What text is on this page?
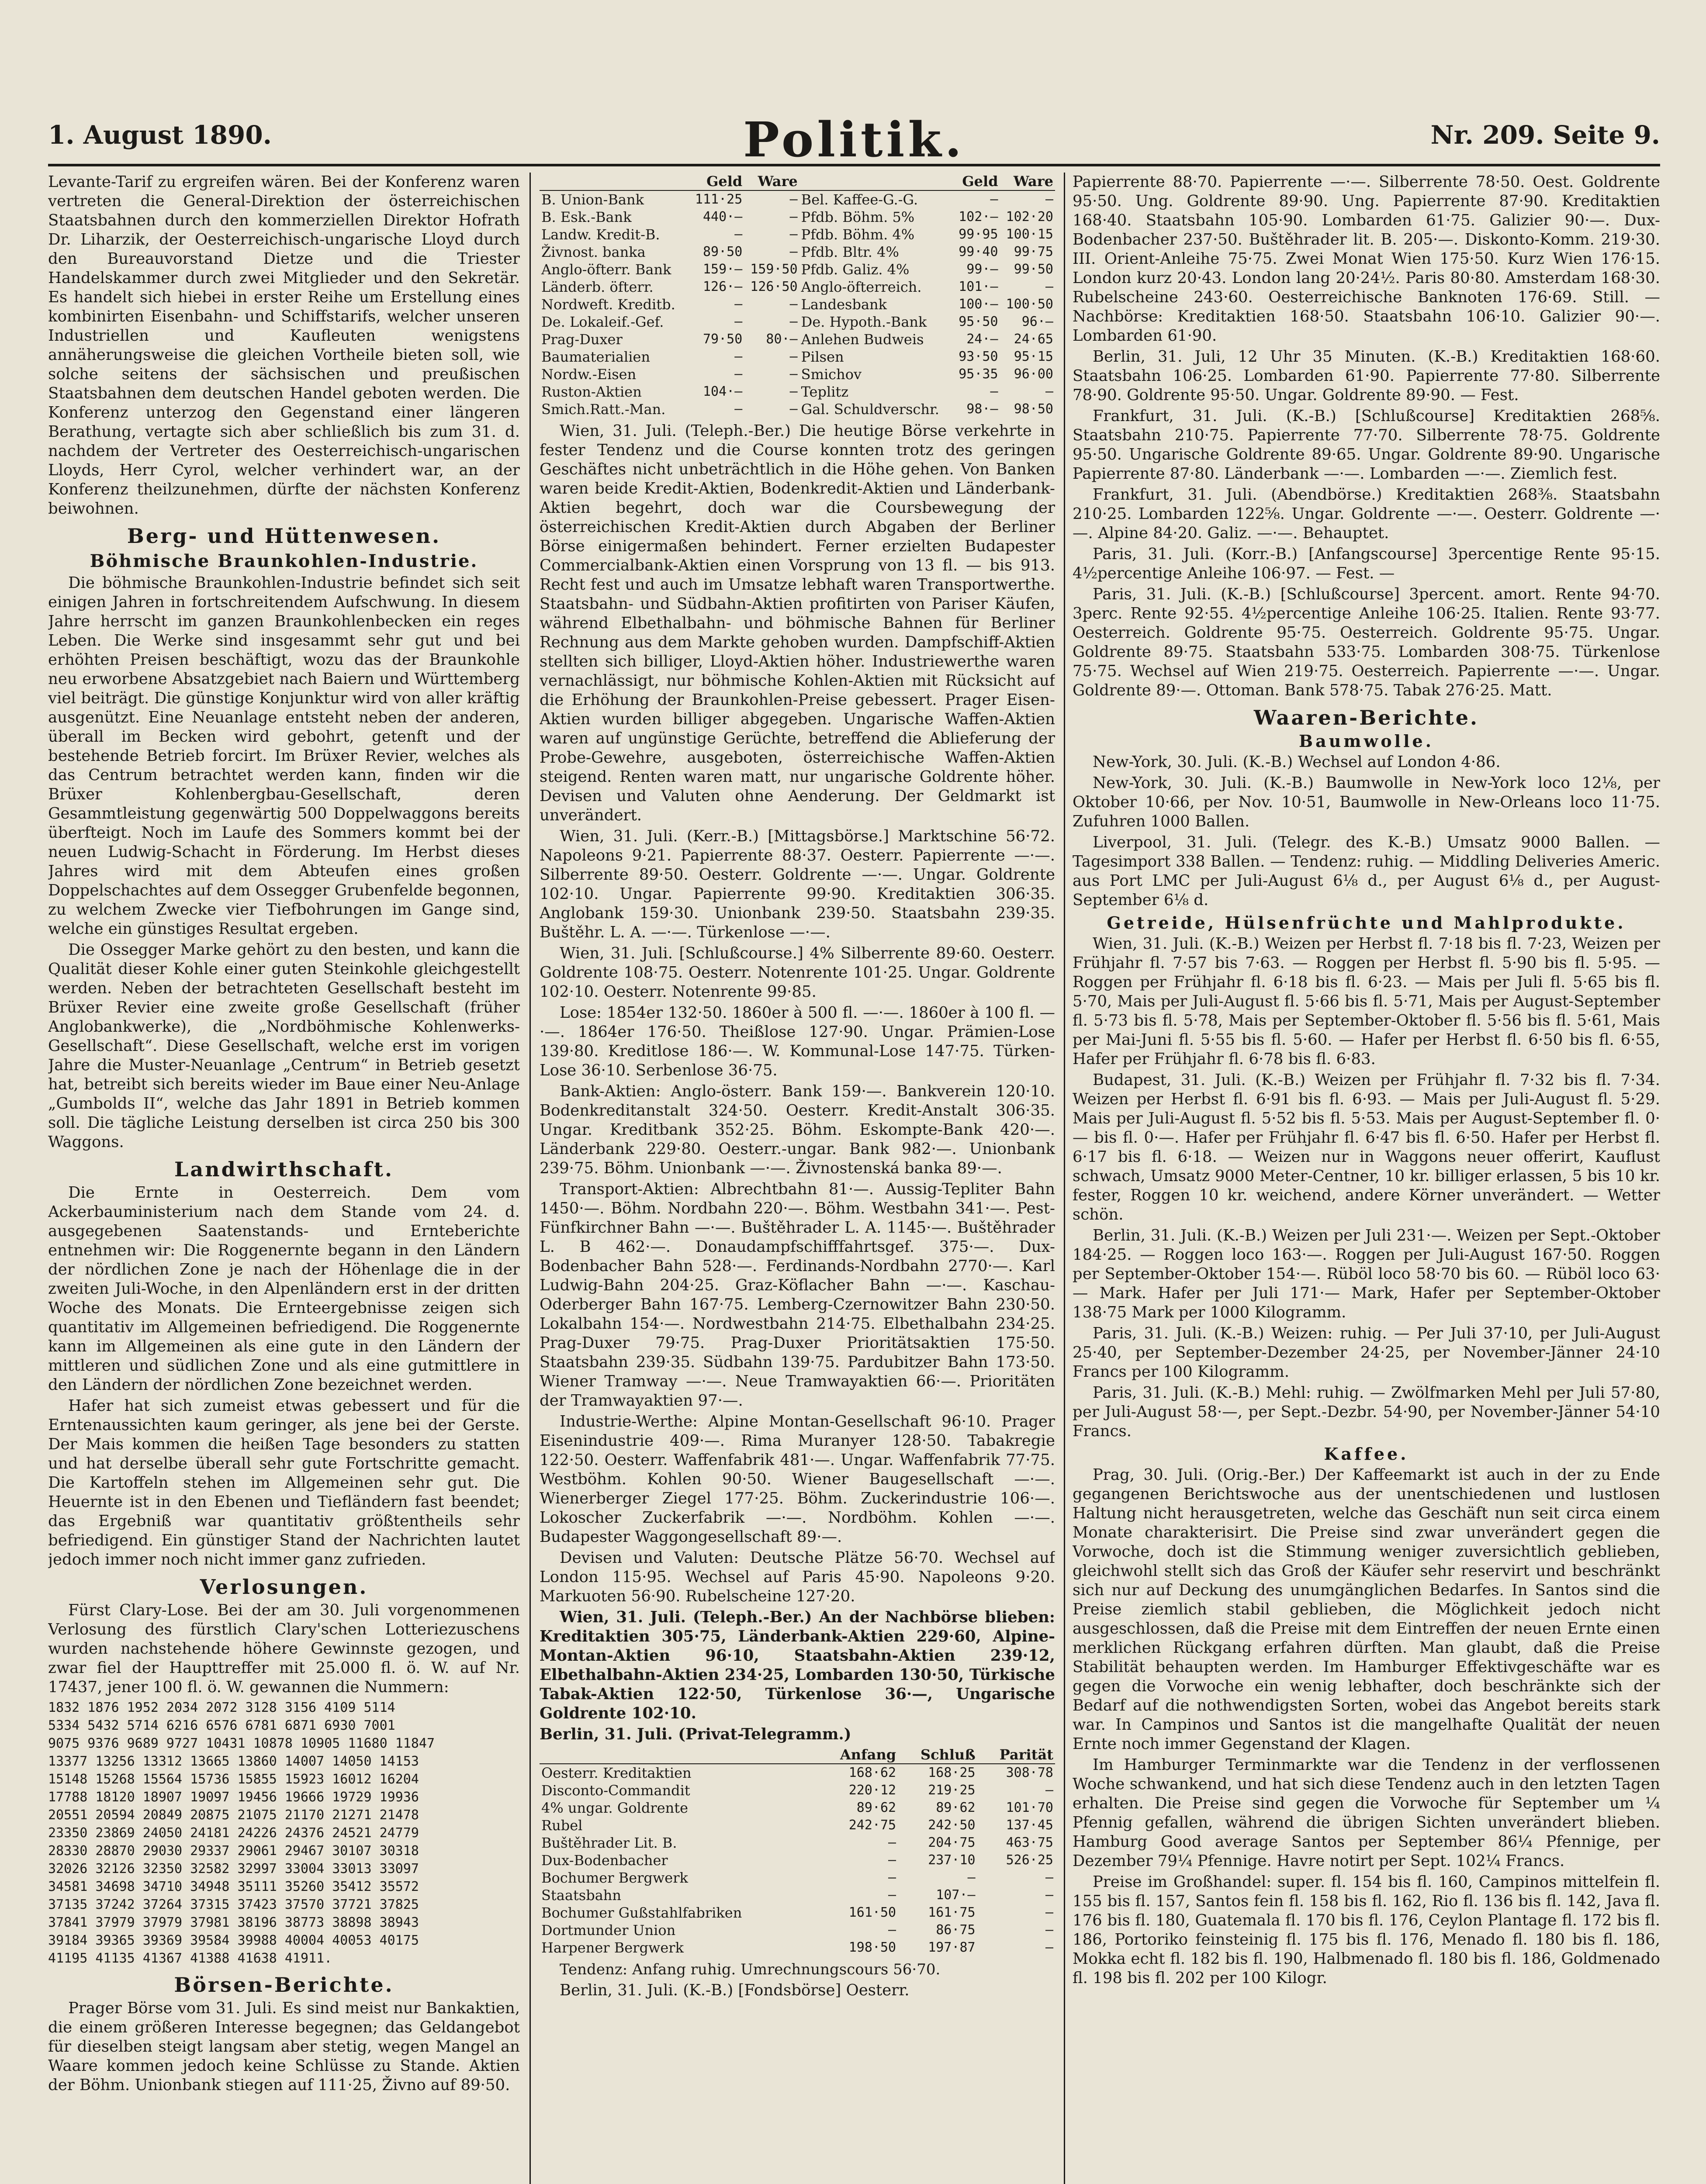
1. August 1890.	Politik.	Nr. 209. Seite 9.

Levante-Tarif zu ergreifen wären. Bei der Konferenz waren vertreten die General-Direktion der österreichischen Staatsbahnen durch den kommerziellen Direktor Hofrath Dr. Liharzik, der Oesterreichisch-ungarische Lloyd durch den Bureauvorstand Dietze und die Triester Handelskammer durch zwei Mitglieder und den Sekretär. Es handelt sich hiebei in erster Reihe um Erstellung eines kombinirten Eisenbahn- und Schiffstarifs, welcher unseren Industriellen und Kaufleuten wenigstens annäherungsweise die gleichen Vortheile bieten soll, wie solche seitens der sächsischen und preußischen Staatsbahnen dem deutschen Handel geboten werden. Die Konferenz unterzog den Gegenstand einer längeren Berathung, vertagte sich aber schließlich bis zum 31. d. nachdem der Vertreter des Oesterreichisch-ungarischen Lloyds, Herr Cyrol, welcher verhindert war, an der Konferenz theilzunehmen, dürfte der nächsten Konferenz beiwohnen.

Berg- und Hüttenwesen.
Böhmische Braunkohlen-Industrie.

Die böhmische Braunkohlen-Industrie befindet sich seit einigen Jahren in fortschreitendem Aufschwung. In diesem Jahre herrscht im ganzen Braunkohlenbecken ein reges Leben. Die Werke sind insgesammt sehr gut und bei erhöhten Preisen beschäftigt, wozu das der Braunkohle neu erworbene Absatzgebiet nach Baiern und Württemberg viel beiträgt. Die günstige Konjunktur wird von aller kräftig ausgenützt. Eine Neuanlage entsteht neben der anderen, überall im Becken wird gebohrt, getenft und der bestehende Betrieb forcirt. Im Brüxer Revier, welches als das Centrum betrachtet werden kann, finden wir die Brüxer Kohlenbergbau-Gesellschaft, deren Gesammtleistung gegenwärtig 500 Doppelwaggons bereits überfteigt. Noch im Laufe des Sommers kommt bei der neuen Ludwig-Schacht in Förderung. Im Herbst dieses Jahres wird mit dem Abteufen eines großen Doppelschachtes auf dem Ossegger Grubenfelde begonnen, zu welchem Zwecke vier Tiefbohrungen im Gange sind, welche ein günstiges Resultat ergeben.

Die Ossegger Marke gehört zu den besten, und kann die Qualität dieser Kohle einer guten Steinkohle gleichgestellt werden. Neben der betrachteten Gesellschaft besteht im Brüxer Revier eine zweite große Gesellschaft (früher Anglobankwerke), die „Nordböhmische Kohlenwerks-Gesellschaft“. Diese Gesellschaft, welche erst im vorigen Jahre die Muster-Neuanlage „Centrum“ in Betrieb gesetzt hat, betreibt sich bereits wieder im Baue einer Neu-Anlage „Gumbolds II“, welche das Jahr 1891 in Betrieb kommen soll. Die tägliche Leistung derselben ist circa 250 bis 300 Waggons.

Landwirthschaft.

Die Ernte in Oesterreich. Dem vom Ackerbauministerium nach dem Stande vom 24. d. ausgegebenen Saatenstands- und Ernteberichte entnehmen wir: Die Roggenernte begann in den Ländern der nördlichen Zone je nach der Höhenlage die in der zweiten Juli-Woche, in den Alpenländern erst in der dritten Woche des Monats. Die Ernteergebnisse zeigen sich quantitativ im Allgemeinen befriedigend. Die Roggenernte kann im Allgemeinen als eine gute in den Ländern der mittleren und südlichen Zone und als eine gutmittlere in den Ländern der nördlichen Zone bezeichnet werden.

Hafer hat sich zumeist etwas gebessert und für die Erntenaussichten kaum geringer, als jene bei der Gerste. Der Mais kommen die heißen Tage besonders zu statten und hat derselbe überall sehr gute Fortschritte gemacht. Die Kartoffeln stehen im Allgemeinen sehr gut. Die Heuernte ist in den Ebenen und Tiefländern fast beendet; das Ergebniß war quantitativ größtentheils sehr befriedigend. Ein günstiger Stand der Nachrichten lautet jedoch immer noch nicht immer ganz zufrieden.

Verlosungen.

Fürst Clary-Lose. Bei der am 30. Juli vorgenommenen Verlosung des fürstlich Clary'schen Lotteriezuschens wurden nachstehende höhere Gewinnste gezogen, und zwar fiel der Haupttreffer mit 25.000 fl. ö. W. auf Nr. 17437, jener 100 fl. ö. W. gewannen die Nummern:

1832 1876 1952 2034 2072 3128 3156 4109 5114
5334 5432 5714 6216 6576 6781 6871 6930 7001
9075 9376 9689 9727 10431 10878 10905 11680 11847
13377 13256 13312 13665 13860 14007 14050 14153
15148 15268 15564 15736 15855 15923 16012 16204
17788 18120 18907 19097 19456 19666 19729 19936
20551 20594 20849 20875 21075 21170 21271 21478
23350 23869 24050 24181 24226 24376 24521 24779
28330 28870 29030 29337 29061 29467 30107 30318
32026 32126 32350 32582 32997 33004 33013 33097
34581 34698 34710 34948 35111 35260 35412 35572
37135 37242 37264 37315 37423 37570 37721 37825
37841 37979 37979 37981 38196 38773 38898 38943
39184 39365 39369 39584 39988 40004 40053 40175
41195 41135 41367 41388 41638 41911.
Börsen-Berichte.

Prager Börse vom 31. Juli. Es sind meist nur Bankaktien, die einem größeren Interesse begegnen; das Geldangebot für dieselben steigt langsam aber stetig, wegen Mangel an Waare kommen jedoch keine Schlüsse zu Stande. Aktien der Böhm. Unionbank stiegen auf 111·25, Živno auf 89·50.

	Geld	Ware		Geld	Ware
B. Union-Bank	111·25	—	Bel. Kaffee-G.-G.	—	—
B. Esk.-Bank	440·—	—	Pfdb. Böhm. 5%	102·—	102·20
Landw. Kredit-B.	—	—	Pfdb. Böhm. 4%	99·95	100·15
Živnost. banka	89·50	—	Pfdb. Bltr. 4%	99·40	99·75
Anglo-öfterr. Bank	159·—	159·50	Pfdb. Galiz. 4%	99·—	99·50
Länderb. öfterr.	126·—	126·50	Anglo-öfterreich.	101·—	—
Nordweft. Kreditb.	—	—	Landesbank	100·—	100·50
De. Lokaleif.-Gef.	—	—	De. Hypoth.-Bank	95·50	96·—
Prag-Duxer	79·50	80·—	Anlehen Budweis	24·—	24·65
Baumaterialien	—	—	Pilsen	93·50	95·15
Nordw.-Eisen	—	—	Smichov	95·35	96·00
Ruston-Aktien	104·—	—	Teplitz	—	—
Smich.Ratt.-Man.	—	—	Gal. Schuldverschr.	98·—	98·50

Wien, 31. Juli. (Teleph.-Ber.) Die heutige Börse verkehrte in fester Tendenz und die Course konnten trotz des geringen Geschäftes nicht unbeträchtlich in die Höhe gehen. Von Banken waren beide Kredit-Aktien, Bodenkredit-Aktien und Länderbank-Aktien begehrt, doch war die Coursbewegung der österreichischen Kredit-Aktien durch Abgaben der Berliner Börse einigermaßen behindert. Ferner erzielten Budapester Commercialbank-Aktien einen Vorsprung von 13 fl. — bis 913. Recht fest und auch im Umsatze lebhaft waren Transportwerthe. Staatsbahn- und Südbahn-Aktien profitirten von Pariser Käufen, während Elbethalbahn- und böhmische Bahnen für Berliner Rechnung aus dem Markte gehoben wurden. Dampfschiff-Aktien stellten sich billiger, Lloyd-Aktien höher. Industriewerthe waren vernachlässigt, nur böhmische Kohlen-Aktien mit Rücksicht auf die Erhöhung der Braunkohlen-Preise gebessert. Prager Eisen-Aktien wurden billiger abgegeben. Ungarische Waffen-Aktien waren auf ungünstige Gerüchte, betreffend die Ablieferung der Probe-Gewehre, ausgeboten, österreichische Waffen-Aktien steigend. Renten waren matt, nur ungarische Goldrente höher. Devisen und Valuten ohne Aenderung. Der Geldmarkt ist unverändert.

Wien, 31. Juli. (Kerr.-B.) [Mittagsbörse.] Marktschine 56·72. Napoleons 9·21. Papierrente 88·37. Oesterr. Papierrente —·—. Silberrente 89·50. Oesterr. Goldrente —·—. Ungar. Goldrente 102·10. Ungar. Papierrente 99·90. Kreditaktien 306·35. Anglobank 159·30. Unionbank 239·50. Staatsbahn 239·35. Buštěhr. L. A. —·—. Türkenlose —·—.

Wien, 31. Juli. [Schlußcourse.] 4% Silberrente 89·60. Oesterr. Goldrente 108·75. Oesterr. Notenrente 101·25. Ungar. Goldrente 102·10. Oesterr. Notenrente 99·85.

Lose: 1854er 132·50. 1860er à 500 fl. —·—. 1860er à 100 fl. —·—. 1864er 176·50. Theißlose 127·90. Ungar. Prämien-Lose 139·80. Kreditlose 186·—. W. Kommunal-Lose 147·75. Türken-Lose 36·10. Serbenlose 36·75.

Bank-Aktien: Anglo-österr. Bank 159·—. Bankverein 120·10. Bodenkreditanstalt 324·50. Oesterr. Kredit-Anstalt 306·35. Ungar. Kreditbank 352·25. Böhm. Eskompte-Bank 420·—. Länderbank 229·80. Oesterr.-ungar. Bank 982·—. Unionbank 239·75. Böhm. Unionbank —·—. Živnostenská banka 89·—.

Transport-Aktien: Albrechtbahn 81·—. Aussig-Tepliter Bahn 1450·—. Böhm. Nordbahn 220·—. Böhm. Westbahn 341·—. Pest-Fünfkirchner Bahn —·—. Buštěhrader L. A. 1145·—. Buštěhrader L. B 462·—. Donaudampfschifffahrtsgef. 375·—. Dux-Bodenbacher Bahn 528·—. Ferdinands-Nordbahn 2770·—. Karl Ludwig-Bahn 204·25. Graz-Köflacher Bahn —·—. Kaschau-Oderberger Bahn 167·75. Lemberg-Czernowitzer Bahn 230·50. Lokalbahn 154·—. Nordwestbahn 214·75. Elbethalbahn 234·25. Prag-Duxer 79·75. Prag-Duxer Prioritätsaktien 175·50. Staatsbahn 239·35. Südbahn 139·75. Pardubitzer Bahn 173·50. Wiener Tramway —·—. Neue Tramwayaktien 66·—. Prioritäten der Tramwayaktien 97·—.

Industrie-Werthe: Alpine Montan-Gesellschaft 96·10. Prager Eisenindustrie 409·—. Rima Muranyer 128·50. Tabakregie 122·50. Oesterr. Waffenfabrik 481·—. Ungar. Waffenfabrik 77·75. Westböhm. Kohlen 90·50. Wiener Baugesellschaft —·—. Wienerberger Ziegel 177·25. Böhm. Zuckerindustrie 106·—. Lokoscher Zuckerfabrik —·—. Nordböhm. Kohlen —·—. Budapester Waggongesellschaft 89·—.

Devisen und Valuten: Deutsche Plätze 56·70. Wechsel auf London 115·95. Wechsel auf Paris 45·90. Napoleons 9·20. Markuoten 56·90. Rubelscheine 127·20.

Wien, 31. Juli. (Teleph.-Ber.) An der Nachbörse blieben: Kreditaktien 305·75, Länderbank-Aktien 229·60, Alpine-Montan-Aktien 96·10, Staatsbahn-Aktien 239·12, Elbethalbahn-Aktien 234·25, Lombarden 130·50, Türkische Tabak-Aktien 122·50, Türkenlose 36·—, Ungarische Goldrente 102·10.

Berlin, 31. Juli. (Privat-Telegramm.)

	Anfang	Schluß	Parität
Oesterr. Kreditaktien	168·62	168·25	308·78
Disconto-Commandit	220·12	219·25	—
4% ungar. Goldrente	89·62	89·62	101·70
Rubel	242·75	242·50	137·45
Buštěhrader Lit. B.	—	204·75	463·75
Dux-Bodenbacher	—	237·10	526·25
Bochumer Bergwerk	—	—	—
Staatsbahn	—	107·—	—
Bochumer Gußstahlfabriken	161·50	161·75	—
Dortmunder Union	—	86·75	—
Harpener Bergwerk	198·50	197·87	—

Tendenz: Anfang ruhig. Umrechnungscours 56·70.

Berlin, 31. Juli. (K.-B.) [Fondsbörse] Oesterr.

Papierrente 88·70. Papierrente —·—. Silberrente 78·50. Oest. Goldrente 95·50. Ung. Goldrente 89·90. Ung. Papierrente 87·90. Kreditaktien 168·40. Staatsbahn 105·90. Lombarden 61·75. Galizier 90·—. Dux-Bodenbacher 237·50. Buštěhrader lit. B. 205·—. Diskonto-Komm. 219·30. III. Orient-Anleihe 75·75. Zwei Monat Wien 175·50. Kurz Wien 176·15. London kurz 20·43. London lang 20·24½. Paris 80·80. Amsterdam 168·30. Rubelscheine 243·60. Oesterreichische Banknoten 176·69. Still. — Nachbörse: Kreditaktien 168·50. Staatsbahn 106·10. Galizier 90·—. Lombarden 61·90.

Berlin, 31. Juli, 12 Uhr 35 Minuten. (K.-B.) Kreditaktien 168·60. Staatsbahn 106·25. Lombarden 61·90. Papierrente 77·80. Silberrente 78·90. Goldrente 95·50. Ungar. Goldrente 89·90. — Fest.

Frankfurt, 31. Juli. (K.-B.) [Schlußcourse] Kreditaktien 268⅝. Staatsbahn 210·75. Papierrente 77·70. Silberrente 78·75. Goldrente 95·50. Ungarische Goldrente 89·65. Ungar. Goldrente 89·90. Ungarische Papierrente 87·80. Länderbank —·—. Lombarden —·—. Ziemlich fest.

Frankfurt, 31. Juli. (Abendbörse.) Kreditaktien 268⅜. Staatsbahn 210·25. Lombarden 122⅝. Ungar. Goldrente —·—. Oesterr. Goldrente —·—. Alpine 84·20. Galiz. —·—. Behauptet.

Paris, 31. Juli. (Korr.-B.) [Anfangscourse] 3percentige Rente 95·15. 4½percentige Anleihe 106·97. — Fest. —

Paris, 31. Juli. (K.-B.) [Schlußcourse] 3percent. amort. Rente 94·70. 3perc. Rente 92·55. 4½percentige Anleihe 106·25. Italien. Rente 93·77. Oesterreich. Goldrente 95·75. Oesterreich. Goldrente 95·75. Ungar. Goldrente 89·75. Staatsbahn 533·75. Lombarden 308·75. Türkenlose 75·75. Wechsel auf Wien 219·75. Oesterreich. Papierrente —·—. Ungar. Goldrente 89·—. Ottoman. Bank 578·75. Tabak 276·25. Matt.

Waaren-Berichte.
Baumwolle.

New-York, 30. Juli. (K.-B.) Wechsel auf London 4·86.

New-York, 30. Juli. (K.-B.) Baumwolle in New-York loco 12⅛, per Oktober 10·66, per Nov. 10·51, Baumwolle in New-Orleans loco 11·75. Zufuhren 1000 Ballen.

Liverpool, 31. Juli. (Telegr. des K.-B.) Umsatz 9000 Ballen. — Tagesimport 338 Ballen. — Tendenz: ruhig. — Middling Deliveries Americ. aus Port LMC per Juli-August 6⅛ d., per August 6⅛ d., per August-September 6⅛ d.

Getreide, Hülsenfrüchte und Mahlprodukte.

Wien, 31. Juli. (K.-B.) Weizen per Herbst fl. 7·18 bis fl. 7·23, Weizen per Frühjahr fl. 7·57 bis 7·63. — Roggen per Herbst fl. 5·90 bis fl. 5·95. — Roggen per Frühjahr fl. 6·18 bis fl. 6·23. — Mais per Juli fl. 5·65 bis fl. 5·70, Mais per Juli-August fl. 5·66 bis fl. 5·71, Mais per August-September fl. 5·73 bis fl. 5·78, Mais per September-Oktober fl. 5·56 bis fl. 5·61, Mais per Mai-Juni fl. 5·55 bis fl. 5·60. — Hafer per Herbst fl. 6·50 bis fl. 6·55, Hafer per Frühjahr fl. 6·78 bis fl. 6·83.

Budapest, 31. Juli. (K.-B.) Weizen per Frühjahr fl. 7·32 bis fl. 7·34. Weizen per Herbst fl. 6·91 bis fl. 6·93. — Mais per Juli-August fl. 5·29. Mais per Juli-August fl. 5·52 bis fl. 5·53. Mais per August-September fl. 0·— bis fl. 0·—. Hafer per Frühjahr fl. 6·47 bis fl. 6·50. Hafer per Herbst fl. 6·17 bis fl. 6·18. — Weizen nur in Waggons neuer offerirt, Kauflust schwach, Umsatz 9000 Meter-Centner, 10 kr. billiger erlassen, 5 bis 10 kr. fester, Roggen 10 kr. weichend, andere Körner unverändert. — Wetter schön.

Berlin, 31. Juli. (K.-B.) Weizen per Juli 231·—. Weizen per Sept.-Oktober 184·25. — Roggen loco 163·—. Roggen per Juli-August 167·50. Roggen per September-Oktober 154·—. Rüböl loco 58·70 bis 60. — Rüböl loco 63·— Mark. Hafer per Juli 171·— Mark, Hafer per September-Oktober 138·75 Mark per 1000 Kilogramm.

Paris, 31. Juli. (K.-B.) Weizen: ruhig. — Per Juli 37·10, per Juli-August 25·40, per September-Dezember 24·25, per November-Jänner 24·10 Francs per 100 Kilogramm.

Paris, 31. Juli. (K.-B.) Mehl: ruhig. — Zwölfmarken Mehl per Juli 57·80, per Juli-August 58·—, per Sept.-Dezbr. 54·90, per November-Jänner 54·10 Francs.

Kaffee.

Prag, 30. Juli. (Orig.-Ber.) Der Kaffeemarkt ist auch in der zu Ende gegangenen Berichtswoche aus der unentschiedenen und lustlosen Haltung nicht herausgetreten, welche das Geschäft nun seit circa einem Monate charakterisirt. Die Preise sind zwar unverändert gegen die Vorwoche, doch ist die Stimmung weniger zuversichtlich geblieben, gleichwohl stellt sich das Groß der Käufer sehr reservirt und beschränkt sich nur auf Deckung des unumgänglichen Bedarfes. In Santos sind die Preise ziemlich stabil geblieben, die Möglichkeit jedoch nicht ausgeschlossen, daß die Preise mit dem Eintreffen der neuen Ernte einen merklichen Rückgang erfahren dürften. Man glaubt, daß die Preise Stabilität behaupten werden. Im Hamburger Effektivgeschäfte war es gegen die Vorwoche ein wenig lebhafter, doch beschränkte sich der Bedarf auf die nothwendigsten Sorten, wobei das Angebot bereits stark war. In Campinos und Santos ist die mangelhafte Qualität der neuen Ernte noch immer Gegenstand der Klagen.

Im Hamburger Terminmarkte war die Tendenz in der verflossenen Woche schwankend, und hat sich diese Tendenz auch in den letzten Tagen erhalten. Die Preise sind gegen die Vorwoche für September um ¼ Pfennig gefallen, während die übrigen Sichten unverändert blieben. Hamburg Good average Santos per September 86¼ Pfennige, per Dezember 79¼ Pfennige. Havre notirt per Sept. 102¼ Francs.

Preise im Großhandel: super. fl. 154 bis fl. 160, Campinos mittelfein fl. 155 bis fl. 157, Santos fein fl. 158 bis fl. 162, Rio fl. 136 bis fl. 142, Java fl. 176 bis fl. 180, Guatemala fl. 170 bis fl. 176, Ceylon Plantage fl. 172 bis fl. 186, Portoriko feinsteinig fl. 175 bis fl. 176, Menado fl. 180 bis fl. 186, Mokka echt fl. 182 bis fl. 190, Halbmenado fl. 180 bis fl. 186, Goldmenado fl. 198 bis fl. 202 per 100 Kilogr.
